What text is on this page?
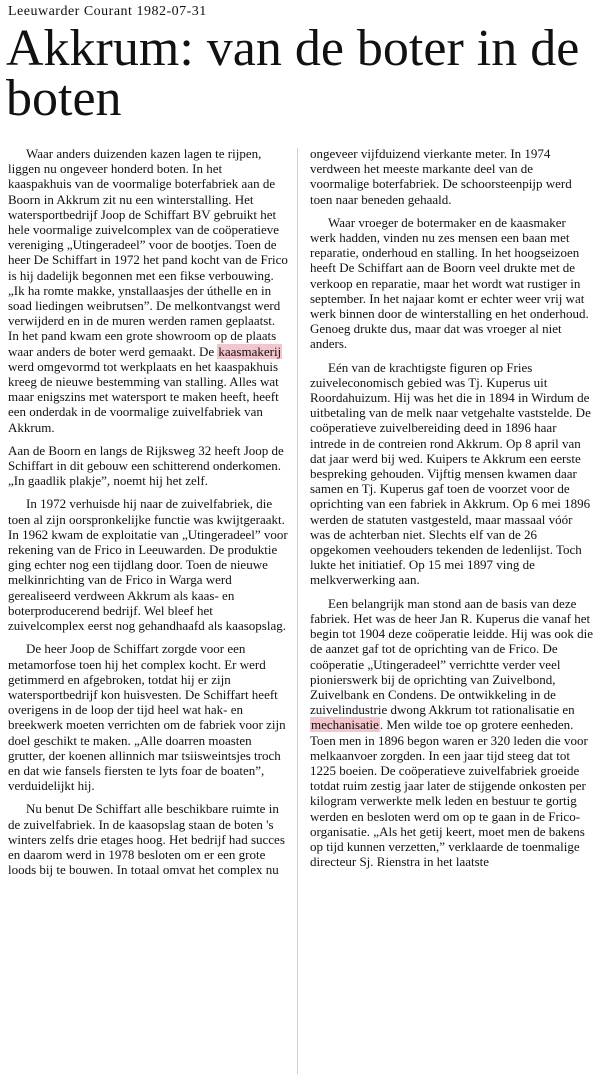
Leeuwarder Courant 1982-07-31
Akkrum: van de boter in de boten

Waar anders duizenden kazen lagen te rijpen, liggen nu ongeveer honderd boten. In het kaaspakhuis van de voormalige boterfabriek aan de Boorn in Akkrum zit nu een winterstalling. Het watersportbedrijf Joop de Schiffart BV gebruikt het hele voormalige zuivelcomplex van de coöperatieve vereniging „Utingeradeel” voor de bootjes. Toen de heer De Schiffart in 1972 het pand kocht van de Frico is hij dadelijk begonnen met een fikse verbouwing. „Ik ha romte makke, ynstallaasjes der úthelle en in soad liedingen weibrutsen”. De melkontvangst werd verwijderd en in de muren werden ramen geplaatst. In het pand kwam een grote showroom op de plaats waar anders de boter werd gemaakt. De kaasmakerij werd omgevormd tot werkplaats en het kaaspakhuis kreeg de nieuwe bestemming van stalling. Alles wat maar enigszins met watersport te maken heeft, heeft een onderdak in de voormalige zuivelfabriek van Akkrum.

Aan de Boorn en langs de Rijksweg 32 heeft Joop de Schiffart in dit gebouw een schitterend onderkomen. „In gaadlik plakje”, noemt hij het zelf.

In 1972 verhuisde hij naar de zuivelfabriek, die toen al zijn oorspronkelijke functie was kwijtgeraakt. In 1962 kwam de exploitatie van „Utingeradeel” voor rekening van de Frico in Leeuwarden. De produktie ging echter nog een tijdlang door. Toen de nieuwe melkinrichting van de Frico in Warga werd gerealiseerd verdween Akkrum als kaas- en boterproducerend bedrijf. Wel bleef het zuivelcomplex eerst nog gehandhaafd als kaasopslag.

De heer Joop de Schiffart zorgde voor een metamorfose toen hij het complex kocht. Er werd getimmerd en afgebroken, totdat hij er zijn watersportbedrijf kon huisvesten. De Schiffart heeft overigens in de loop der tijd heel wat hak- en breekwerk moeten verrichten om de fabriek voor zijn doel geschikt te maken. „Alle doarren moasten grutter, der koenen allinnich mar tsiisweintsjes troch en dat wie fansels fiersten te lyts foar de boaten”, verduidelijkt hij.

Nu benut De Schiffart alle beschikbare ruimte in de zuivelfabriek. In de kaasopslag staan de boten 's winters zelfs drie etages hoog. Het bedrijf had succes en daarom werd in 1978 besloten om er een grote loods bij te bouwen. In totaal omvat het complex nu

ongeveer vijfduizend vierkante meter. In 1974 verdween het meeste markante deel van de voormalige boterfabriek. De schoorsteenpijp werd toen naar beneden gehaald.

Waar vroeger de botermaker en de kaasmaker werk hadden, vinden nu zes mensen een baan met reparatie, onderhoud en stalling. In het hoogseizoen heeft De Schiffart aan de Boorn veel drukte met de verkoop en reparatie, maar het wordt wat rustiger in september. In het najaar komt er echter weer vrij wat werk binnen door de winterstalling en het onderhoud. Genoeg drukte dus, maar dat was vroeger al niet anders.

Eén van de krachtigste figuren op Fries zuiveleconomisch gebied was Tj. Kuperus uit Roordahuizum. Hij was het die in 1894 in Wirdum de uitbetaling van de melk naar vetgehalte vaststelde. De coöperatieve zuivelbereiding deed in 1896 haar intrede in de contreien rond Akkrum. Op 8 april van dat jaar werd bij wed. Kuipers te Akkrum een eerste bespreking gehouden. Vijftig mensen kwamen daar samen en Tj. Kuperus gaf toen de voorzet voor de oprichting van een fabriek in Akkrum. Op 6 mei 1896 werden de statuten vastgesteld, maar massaal vóór was de achterban niet. Slechts elf van de 26 opgekomen veehouders tekenden de ledenlijst. Toch lukte het initiatief. Op 15 mei 1897 ving de melkverwerking aan.

Een belangrijk man stond aan de basis van deze fabriek. Het was de heer Jan R. Kuperus die vanaf het begin tot 1904 deze coöperatie leidde. Hij was ook die de aanzet gaf tot de oprichting van de Frico. De coöperatie „Utingeradeel” verrichtte verder veel pionierswerk bij de oprichting van Zuivelbond, Zuivelbank en Condens. De ontwikkeling in de zuivelindustrie dwong Akkrum tot rationalisatie en mechanisatie. Men wilde toe op grotere eenheden. Toen men in 1896 begon waren er 320 leden die voor melkaanvoer zorgden. In een jaar tijd steeg dat tot 1225 boeien. De coöperatieve zuivelfabriek groeide totdat ruim zestig jaar later de stijgende onkosten per kilogram verwerkte melk leden en bestuur te gortig werden en besloten werd om op te gaan in de Frico-organisatie. „Als het getij keert, moet men de bakens op tijd kunnen verzetten,” verklaarde de toenmalige directeur Sj. Rienstra in het laatste
